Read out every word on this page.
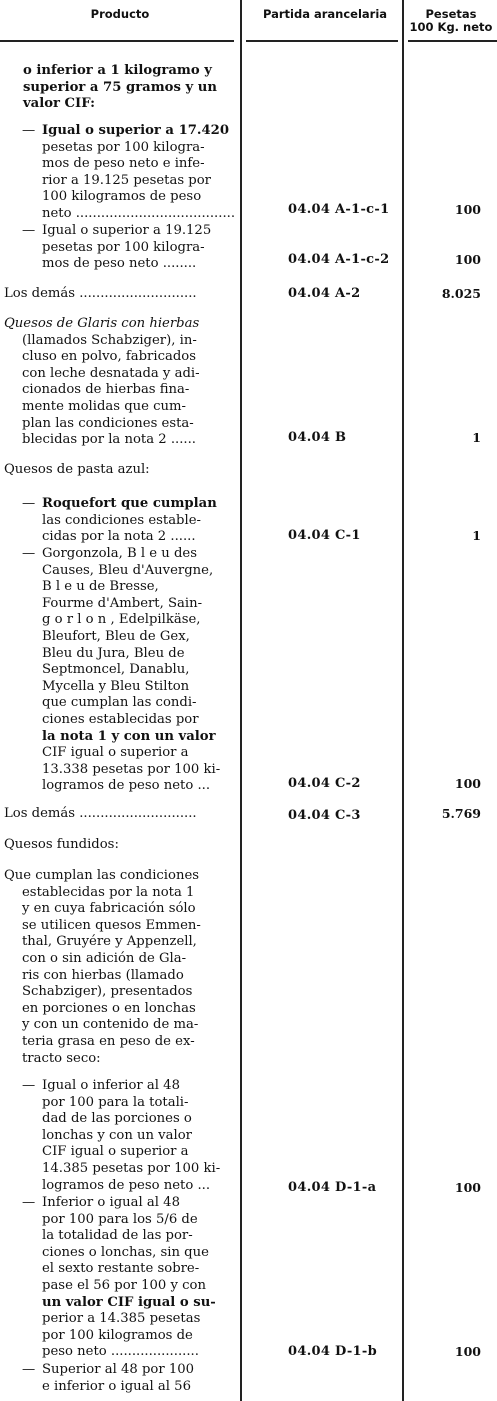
Producto	Partida arancelaria	Pesetas
100 Kg. neto
o inferior a 1 kilogramo y
superior a 75 gramos y un
valor CIF:
— Igual o superior a 17.420
pesetas por 100 kilogra-
mos de peso neto e infe-
rior a 19.125 pesetas por
100 kilogramos de peso
neto ......................................	04.04 A-1-c-1	100
— Igual o superior a 19.125
pesetas por 100 kilogra-
mos de peso neto ........	04.04 A-1-c-2	100
Los demás ............................	04.04 A-2	8.025
Quesos de Glaris con hierbas
(llamados Schabziger), in-
cluso en polvo, fabricados
con leche desnatada y adi-
cionados de hierbas fina-
mente molidas que cum-
plan las condiciones esta-
blecidas por la nota 2 ......	04.04 B	1
Quesos de pasta azul:
— Roquefort que cumplan
las condiciones estable-
cidas por la nota 2 ......	04.04 C-1	1
— Gorgonzola, B l e u des
Causes, Bleu d'Auvergne,
B l e u de Bresse,
Fourme d'Ambert, Sain-
g o r l o n , Edelpilkäse,
Bleufort, Bleu de Gex,
Bleu du Jura, Bleu de
Septmoncel, Danablu,
Mycella y Bleu Stilton
que cumplan las condi-
ciones establecidas por
la nota 1 y con un valor
CIF igual o superior a
13.338 pesetas por 100 ki-
logramos de peso neto ...	04.04 C-2	100
Los demás ............................	04.04 C-3	5.769
Quesos fundidos:
Que cumplan las condiciones
establecidas por la nota 1
y en cuya fabricación sólo
se utilicen quesos Emmen-
thal, Gruyére y Appenzell,
con o sin adición de Gla-
ris con hierbas (llamado
Schabziger), presentados
en porciones o en lonchas
y con un contenido de ma-
teria grasa en peso de ex-
tracto seco:
— Igual o inferior al 48
por 100 para la totali-
dad de las porciones o
lonchas y con un valor
CIF igual o superior a
14.385 pesetas por 100 ki-
logramos de peso neto ...	04.04 D-1-a	100
— Inferior o igual al 48
por 100 para los 5/6 de
la totalidad de las por-
ciones o lonchas, sin que
el sexto restante sobre-
pase el 56 por 100 y con
un valor CIF igual o su-
perior a 14.385 pesetas
por 100 kilogramos de
peso neto .....................	04.04 D-1-b	100
— Superior al 48 por 100
e inferior o igual al 56
